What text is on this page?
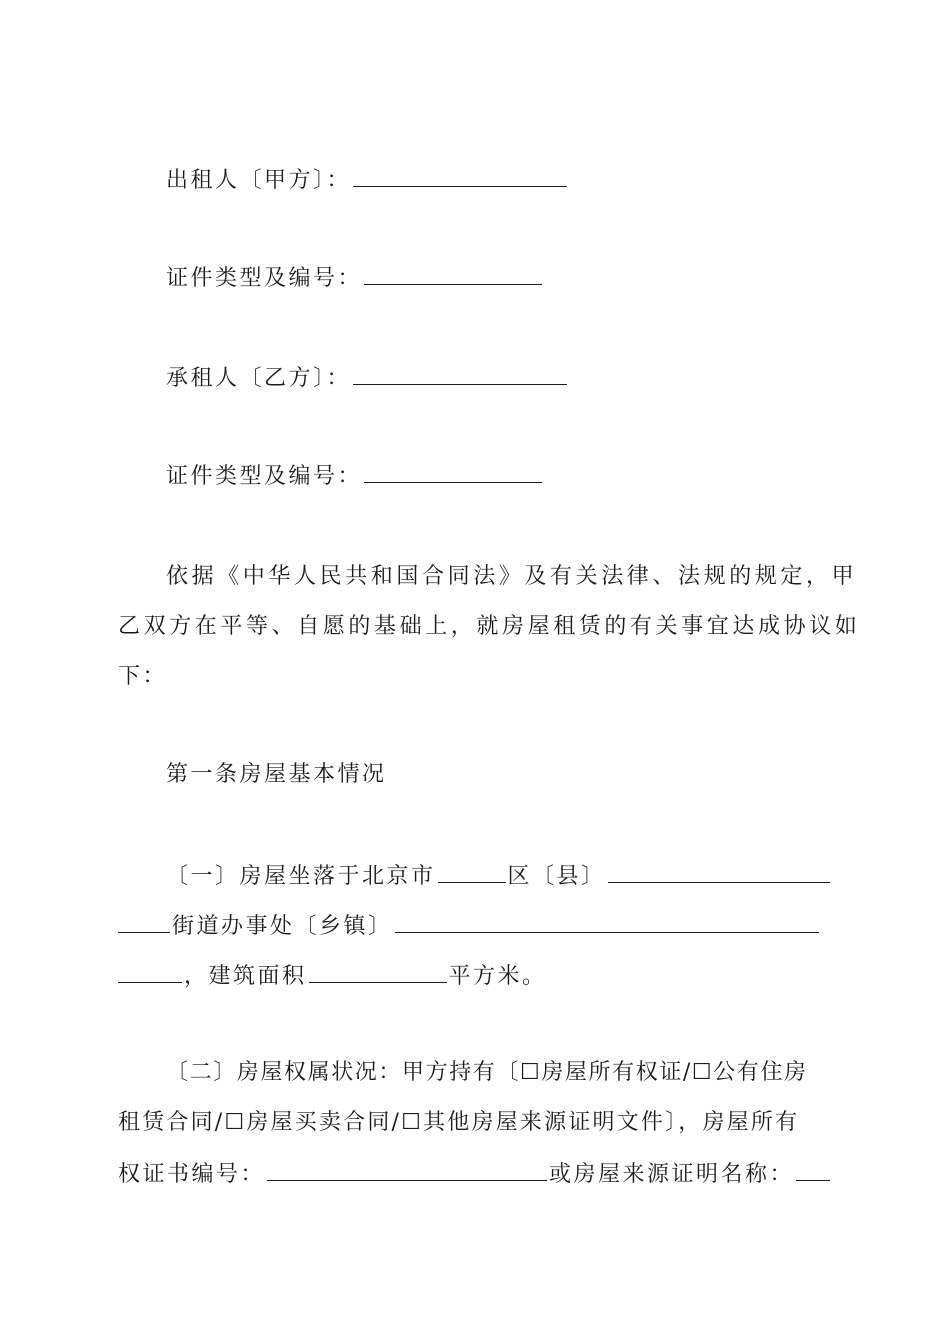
出租人〔甲方〕：
证件类型及编号：
承租人〔乙方〕：
证件类型及编号：
依据《中华人民共和国合同法》及有关法律、法规的规定，甲
乙双方在平等、自愿的基础上，就房屋租赁的有关事宜达成协议如
下：
第一条房屋基本情况
〔一〕房屋坐落于北京市	区〔县〕
街道办事处〔乡镇〕
，建筑面积	平方米。
〔二〕房屋权属状况：甲方持有〔☐房屋所有权证/☐公有住房
租赁合同/☐房屋买卖合同/☐其他房屋来源证明文件〕，房屋所有
权证书编号：	或房屋来源证明名称：
